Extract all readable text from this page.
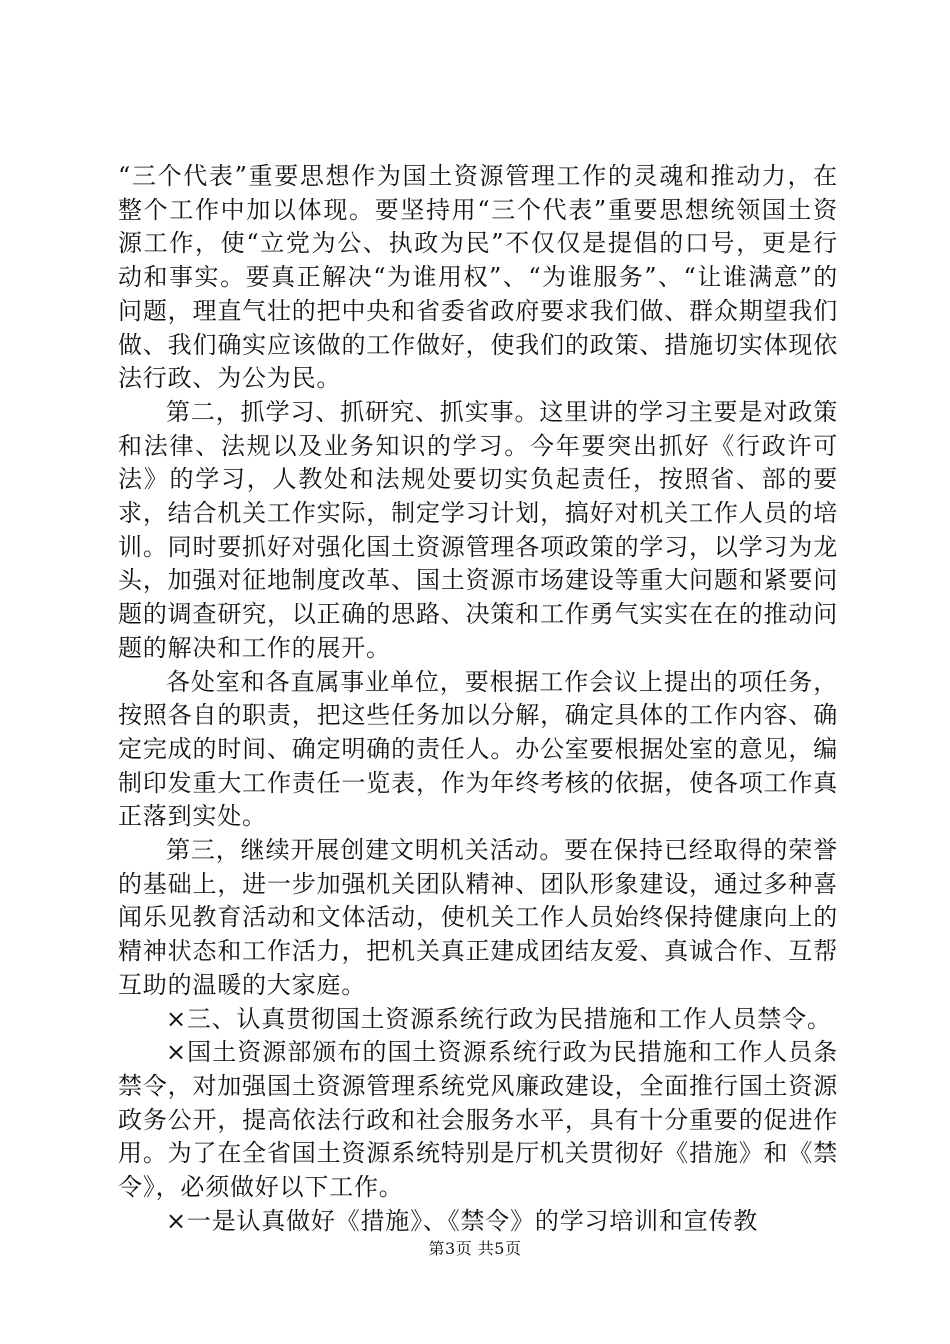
“三个代表”重要思想作为国土资源管理工作的灵魂和推动力，在整个工作中加以体现。要坚持用“三个代表”重要思想统领国土资源工作，使“立党为公、执政为民”不仅仅是提倡的口号，更是行动和事实。要真正解决“为谁用权”、“为谁服务”、“让谁满意”的问题，理直气壮的把中央和省委省政府要求我们做、群众期望我们做、我们确实应该做的工作做好，使我们的政策、措施切实体现依法行政、为公为民。

第二，抓学习、抓研究、抓实事。这里讲的学习主要是对政策和法律、法规以及业务知识的学习。今年要突出抓好《行政许可法》的学习，人教处和法规处要切实负起责任，按照省、部的要求，结合机关工作实际，制定学习计划，搞好对机关工作人员的培训。同时要抓好对强化国土资源管理各项政策的学习，以学习为龙头，加强对征地制度改革、国土资源市场建设等重大问题和紧要问题的调查研究，以正确的思路、决策和工作勇气实实在在的推动问题的解决和工作的展开。

各处室和各直属事业单位，要根据工作会议上提出的项任务，按照各自的职责，把这些任务加以分解，确定具体的工作内容、确定完成的时间、确定明确的责任人。办公室要根据处室的意见，编制印发重大工作责任一览表，作为年终考核的依据，使各项工作真正落到实处。

第三，继续开展创建文明机关活动。要在保持已经取得的荣誉的基础上，进一步加强机关团队精神、团队形象建设，通过多种喜闻乐见教育活动和文体活动，使机关工作人员始终保持健康向上的精神状态和工作活力，把机关真正建成团结友爱、真诚合作、互帮互助的温暖的大家庭。

×三、认真贯彻国土资源系统行政为民措施和工作人员禁令。

×国土资源部颁布的国土资源系统行政为民措施和工作人员条禁令，对加强国土资源管理系统党风廉政建设，全面推行国土资源政务公开，提高依法行政和社会服务水平，具有十分重要的促进作用。为了在全省国土资源系统特别是厅机关贯彻好《措施》和《禁令》，必须做好以下工作。

×一是认真做好《措施》、《禁令》的学习培训和宣传教

第3页 共5页
